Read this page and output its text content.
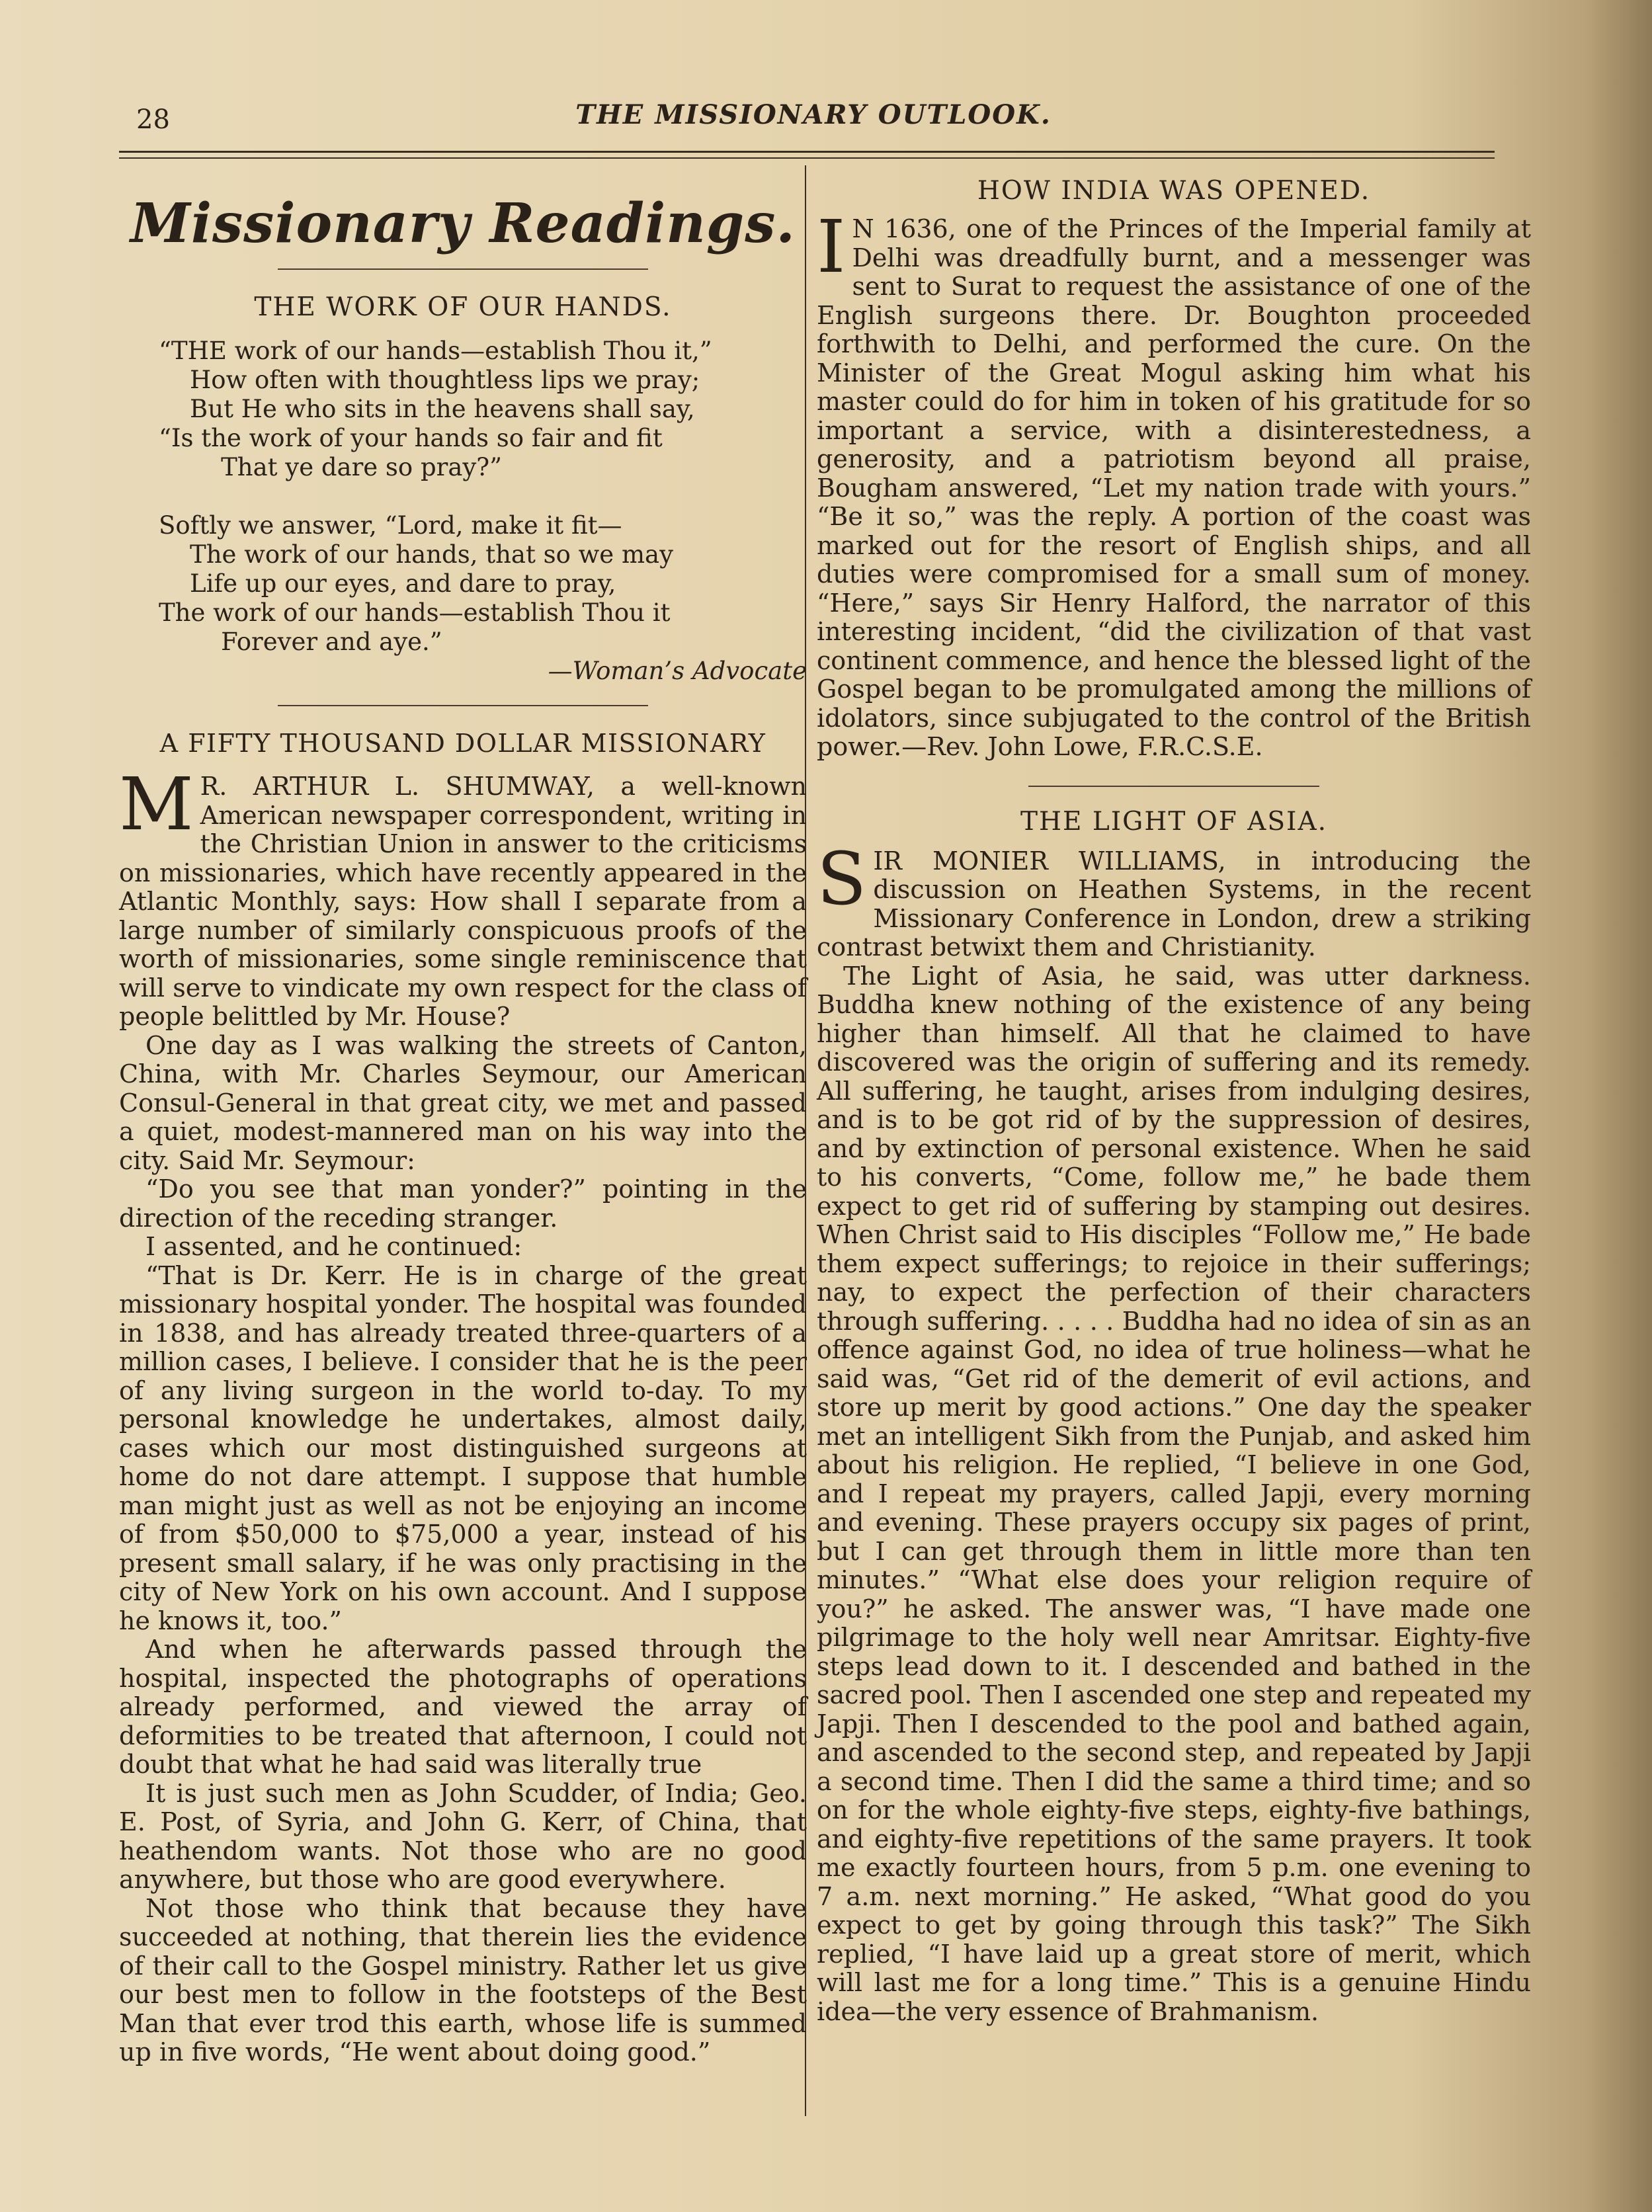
28	THE MISSIONARY OUTLOOK.
Missionary Readings.
THE WORK OF OUR HANDS.
“THE work of our hands—establish Thou it,”
How often with thoughtless lips we pray;
But He who sits in the heavens shall say,
“Is the work of your hands so fair and fit
That ye dare so pray?”
Softly we answer, “Lord, make it fit—
The work of our hands, that so we may
Life up our eyes, and dare to pray,
The work of our hands—establish Thou it
Forever and aye.”
—Woman’s Advocate
A FIFTY THOUSAND DOLLAR MISSIONARY
M R. ARTHUR L. SHUMWAY, a well-known American newspaper correspondent, writing in the Christian Union in answer to the criticisms on missionaries, which have recently appeared in the Atlantic Monthly, says: How shall I separate from a large number of similarly conspicuous proofs of the worth of missionaries, some single reminiscence that will serve to vindicate my own respect for the class of people belittled by Mr. House?

One day as I was walking the streets of Canton, China, with Mr. Charles Seymour, our American Consul-General in that great city, we met and passed a quiet, modest-mannered man on his way into the city. Said Mr. Seymour:

“Do you see that man yonder?” pointing in the direction of the receding stranger.

I assented, and he continued:

“That is Dr. Kerr. He is in charge of the great missionary hospital yonder. The hospital was founded in 1838, and has already treated three-quarters of a million cases, I believe. I consider that he is the peer of any living surgeon in the world to-day. To my personal knowledge he undertakes, almost daily, cases which our most distinguished surgeons at home do not dare attempt. I suppose that humble man might just as well as not be enjoying an income of from $50,000 to $75,000 a year, instead of his present small salary, if he was only practising in the city of New York on his own account. And I suppose he knows it, too.”

And when he afterwards passed through the hospital, inspected the photographs of operations already performed, and viewed the array of deformities to be treated that afternoon, I could not doubt that what he had said was literally true

It is just such men as John Scudder, of India; Geo. E. Post, of Syria, and John G. Kerr, of China, that heathendom wants. Not those who are no good anywhere, but those who are good everywhere.

Not those who think that because they have succeeded at nothing, that therein lies the evidence of their call to the Gospel ministry. Rather let us give our best men to follow in the footsteps of the Best Man that ever trod this earth, whose life is summed up in five words, “He went about doing good.”

HOW INDIA WAS OPENED.
I N 1636, one of the Princes of the Imperial family at Delhi was dreadfully burnt, and a messenger was sent to Surat to request the assistance of one of the English surgeons there. Dr. Boughton proceeded forthwith to Delhi, and performed the cure. On the Minister of the Great Mogul asking him what his master could do for him in token of his gratitude for so important a service, with a disinterestedness, a generosity, and a patriotism beyond all praise, Bougham answered, “Let my nation trade with yours.” “Be it so,” was the reply. A portion of the coast was marked out for the resort of English ships, and all duties were compromised for a small sum of money. “Here,” says Sir Henry Halford, the narrator of this interesting incident, “did the civilization of that vast continent commence, and hence the blessed light of the Gospel began to be promulgated among the millions of idolators, since subjugated to the control of the British power.—Rev. John Lowe, F.R.C.S.E.

THE LIGHT OF ASIA.
S IR MONIER WILLIAMS, in introducing the discussion on Heathen Systems, in the recent Missionary Conference in London, drew a striking contrast betwixt them and Christianity.

The Light of Asia, he said, was utter darkness. Buddha knew nothing of the existence of any being higher than himself. All that he claimed to have discovered was the origin of suffering and its remedy. All suffering, he taught, arises from indulging desires, and is to be got rid of by the suppression of desires, and by extinction of personal existence. When he said to his converts, “Come, follow me,” he bade them expect to get rid of suffering by stamping out desires. When Christ said to His disciples “Follow me,” He bade them expect sufferings; to rejoice in their sufferings; nay, to expect the perfection of their characters through suffering. . . . . Buddha had no idea of sin as an offence against God, no idea of true holiness—what he said was, “Get rid of the demerit of evil actions, and store up merit by good actions.” One day the speaker met an intelligent Sikh from the Punjab, and asked him about his religion. He replied, “I believe in one God, and I repeat my prayers, called Japji, every morning and evening. These prayers occupy six pages of print, but I can get through them in little more than ten minutes.” “What else does your religion require of you?” he asked. The answer was, “I have made one pilgrimage to the holy well near Amritsar. Eighty-five steps lead down to it. I descended and bathed in the sacred pool. Then I ascended one step and repeated my Japji. Then I descended to the pool and bathed again, and ascended to the second step, and repeated by Japji a second time. Then I did the same a third time; and so on for the whole eighty-five steps, eighty-five bathings, and eighty-five repetitions of the same prayers. It took me exactly fourteen hours, from 5 p.m. one evening to 7 a.m. next morning.” He asked, “What good do you expect to get by going through this task?” The Sikh replied, “I have laid up a great store of merit, which will last me for a long time.” This is a genuine Hindu idea—the very essence of Brahmanism.
